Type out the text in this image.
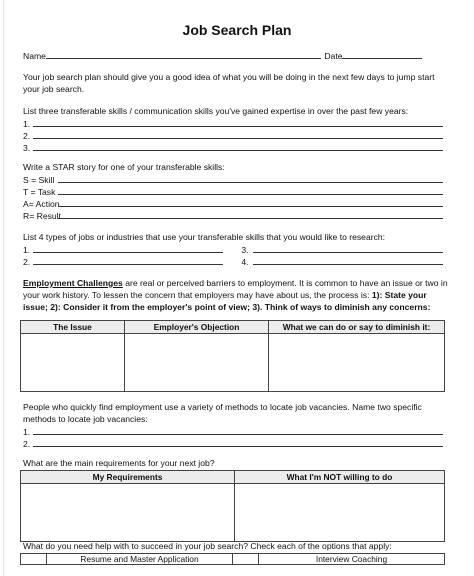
Job Search Plan
Name	Date
Your job search plan should give you a good idea of what you will be doing in the next few days to jump start
your job search.
List three transferable skills / communication skills you've gained expertise in over the past few years:
1.
2.
3.
Write a STAR story for one of your transferable skills:
S = Skill
T = Task
A= Action
R= Result
List 4 types of jobs or industries that use your transferable skills that you would like to research:
1.	3.
2.	4.
Employment Challenges are real or perceived barriers to employment. It is common to have an issue or two in
your work history. To lessen the concern that employers may have about us, the process is: 1): State your
issue; 2): Consider it from the employer's point of view; 3). Think of ways to diminish any concerns:
The Issue	Employer's Objection	What we can do or say to diminish it:

People who quickly find employment use a variety of methods to locate job vacancies. Name two specific
methods to locate job vacancies:
1.
2.
What are the main requirements for your next job?
My Requirements	What I'm NOT willing to do

What do you need help with to succeed in your job search? Check each of the options that apply:
	Resume and Master Application		Interview Coaching
